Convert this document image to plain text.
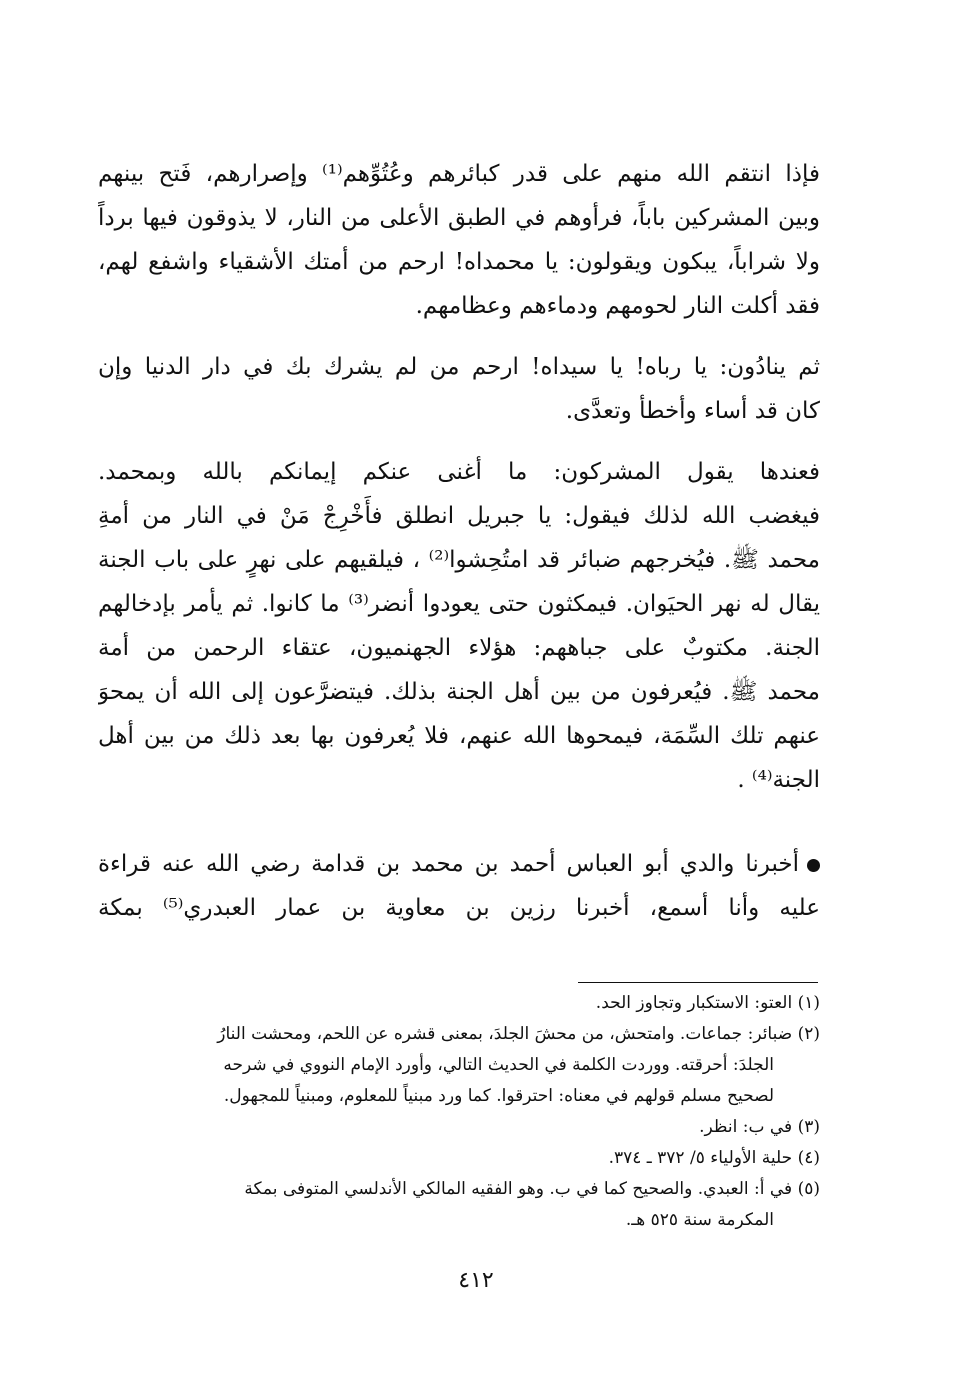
فإذا انتقم الله منهم على قدر كبائرهم وعُتُوِّهم⁽¹⁾ وإصرارهم، فَتح بينهم
وبين المشركين باباً، فرأوهم في الطبق الأعلى من النار، لا يذوقون فيها برداً
ولا شراباً، يبكون ويقولون: يا محمداه! ارحم من أمتك الأشقياء واشفع لهم،
فقد أكلت النار لحومهم ودماءهم وعظامهم.
ثم ينادُون: يا رباه! يا سيداه! ارحم من لم يشرك بك في دار الدنيا وإن
كان قد أساء وأخطأ وتعدَّى.
فعندها يقول المشركون: ما أغنى عنكم إيمانكم بالله وبمحمد.
فيغضب الله لذلك فيقول: يا جبريل انطلق فأَخْرِجْ مَنْ في النار من أمةِ
محمد ﷺ. فيُخرجهم ضبائر قد امتُحِشوا⁽²⁾ ، فيلقيهم على نهرٍ على باب الجنة
يقال له نهر الحيَوان. فيمكثون حتى يعودوا أنضر⁽³⁾ ما كانوا. ثم يأمر بإدخالهم
الجنة. مكتوبٌ على جباههم: هؤلاء الجهنميون، عتقاء الرحمن من أمة
محمد ﷺ. فيُعرفون من بين أهل الجنة بذلك. فيتضرَّعون إلى الله أن يمحوَ
عنهم تلك السِّمَة، فيمحوها الله عنهم، فلا يُعرفون بها بعد ذلك من بين أهل
الجنة⁽⁴⁾ .
أخبرنا والدي أبو العباس أحمد بن محمد بن قدامة رضي الله عنه قراءة
عليه وأنا أسمع، أخبرنا رزين بن معاوية بن عمار العبدري⁽⁵⁾ بمكة
(١) العتو: الاستكبار وتجاوز الحد.
(٢) ضبائر: جماعات. وامتحش، من محشَ الجلدَ، بمعنى قشره عن اللحم، ومحشت النارُ
الجلدَ: أحرقته. ووردت الكلمة في الحديث التالي، وأورد الإمام النووي في شرحه
لصحيح مسلم قولهم في معناه: احترقوا. كما ورد مبنياً للمعلوم، ومبنياً للمجهول.
(٣) في ب: انظر.
(٤) حلية الأولياء ٥/ ٣٧٢ ـ ٣٧٤.
(٥) في أ: العبدي. والصحيح كما في ب. وهو الفقيه المالكي الأندلسي المتوفى بمكة
المكرمة سنة ٥٢٥ هـ.
٤١٢
